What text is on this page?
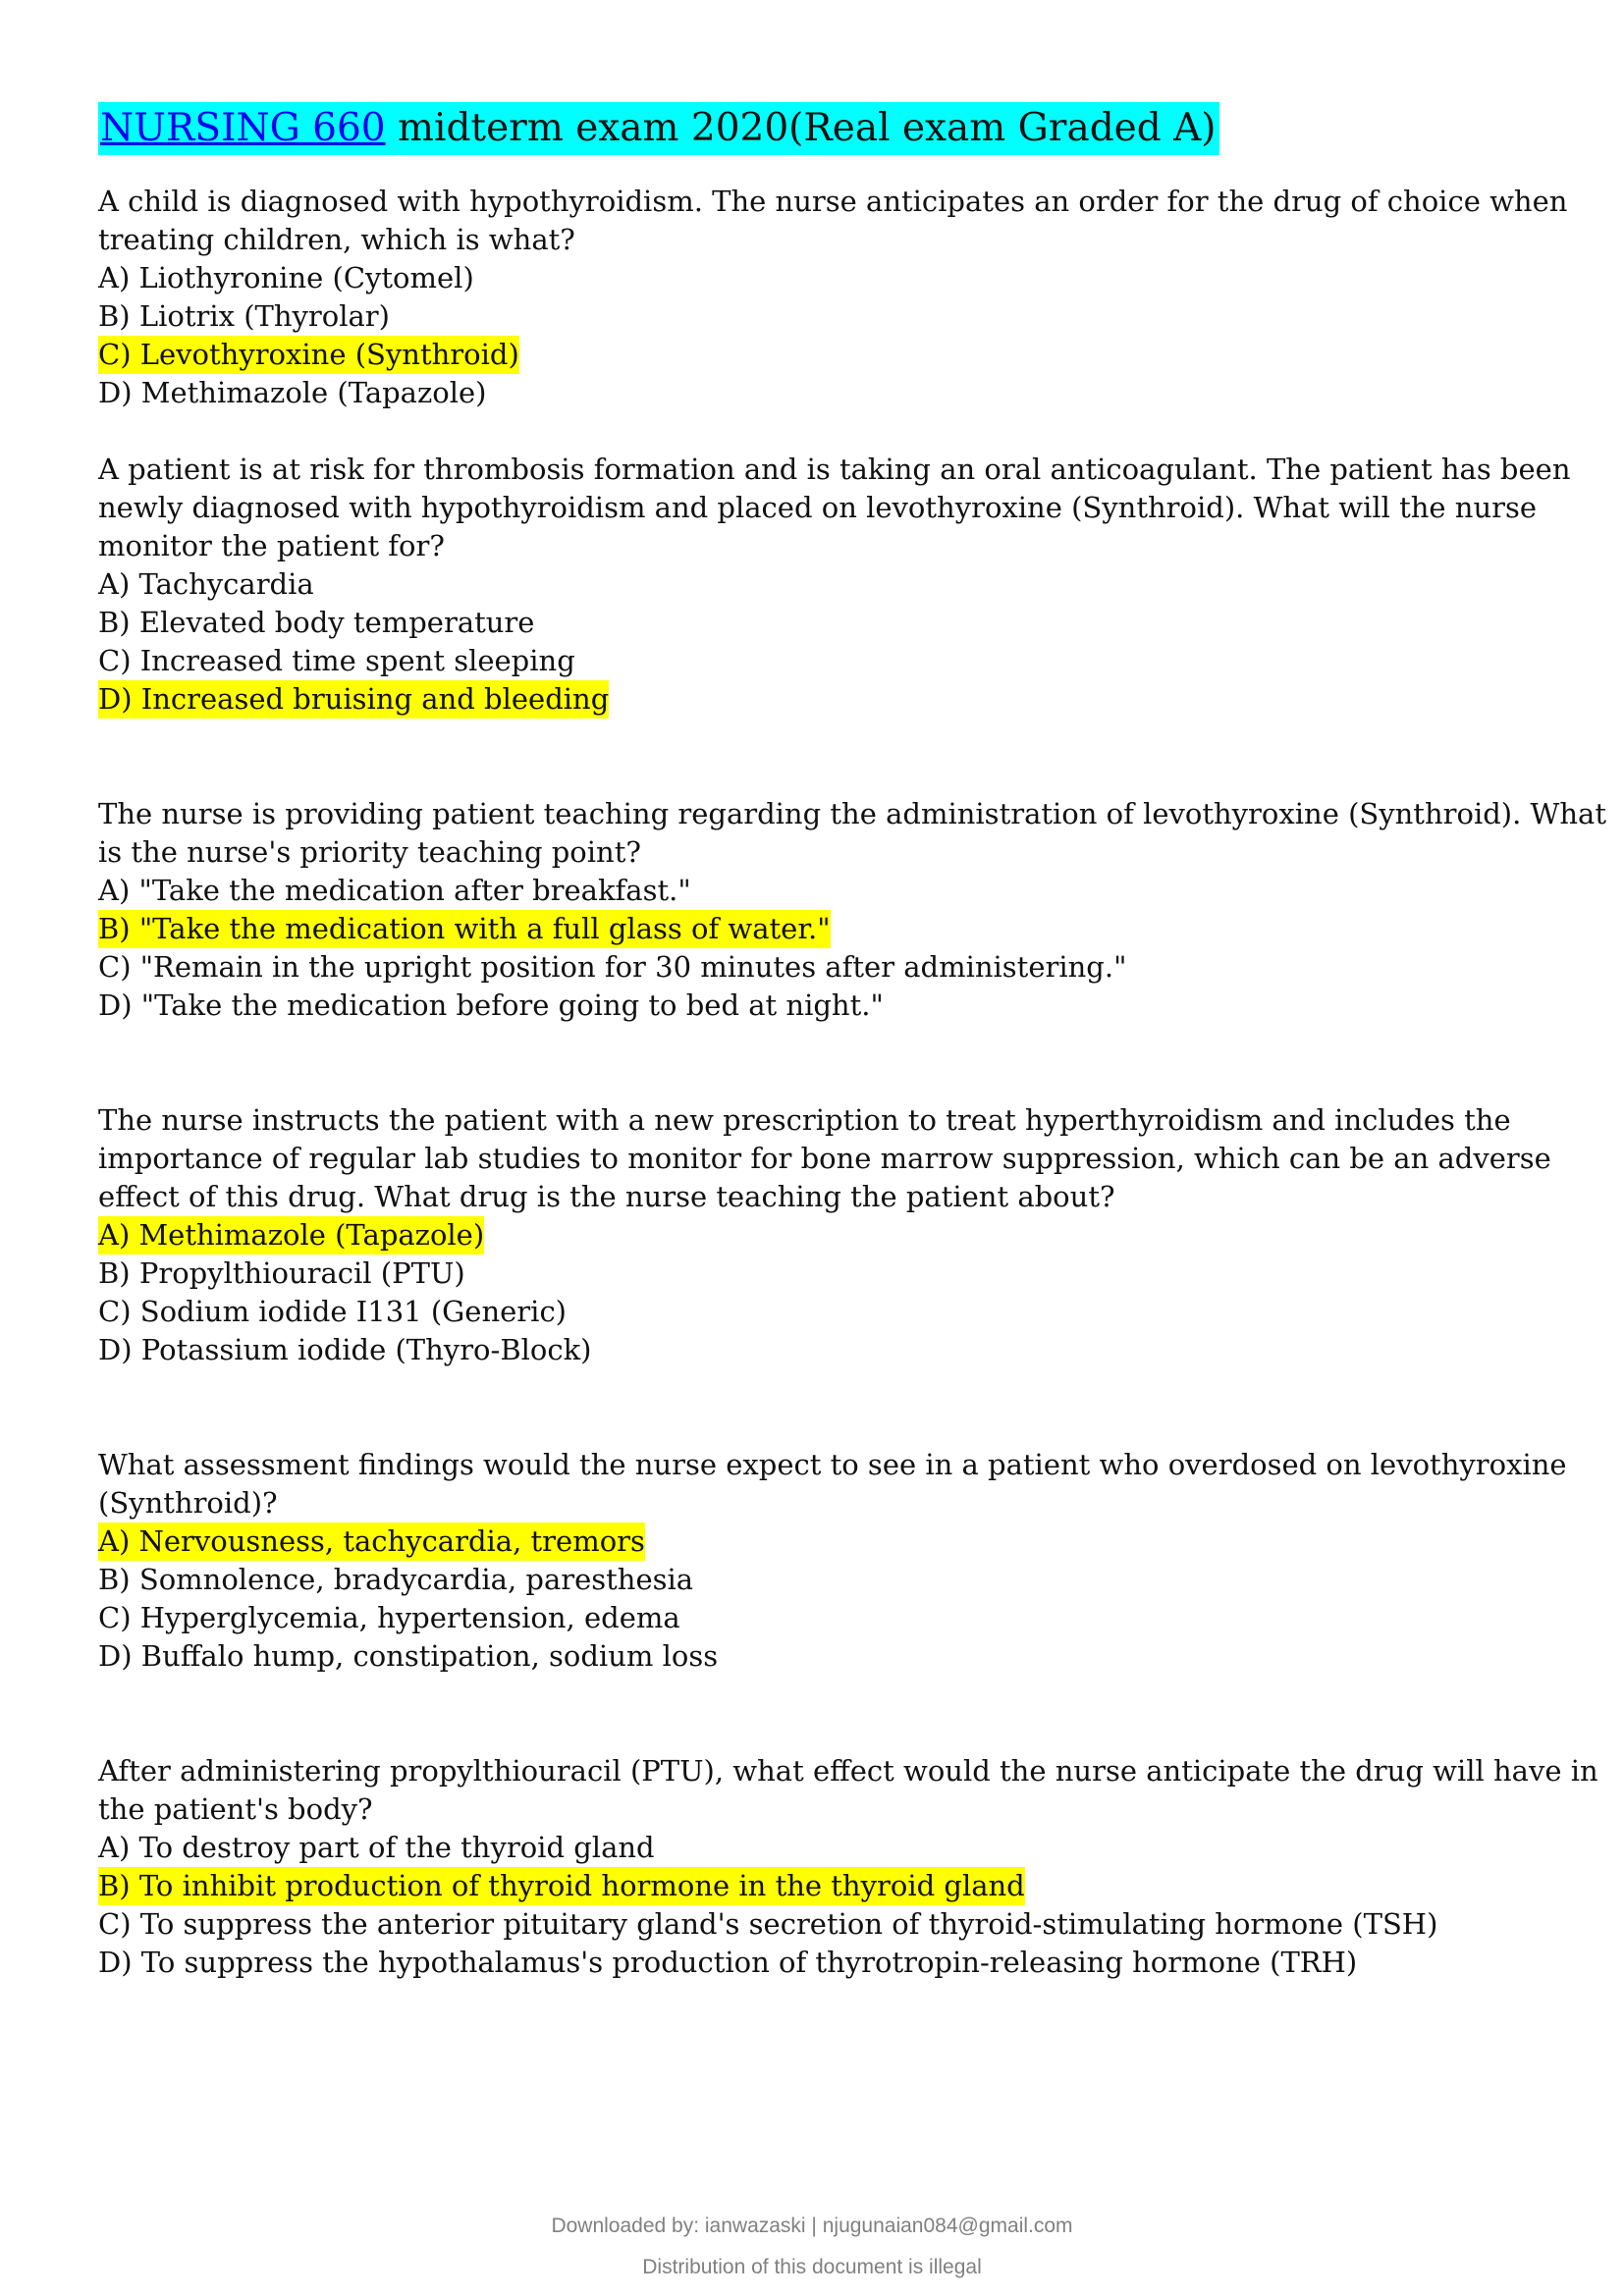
NURSING 660 midterm exam 2020(Real exam Graded A)
A child is diagnosed with hypothyroidism. The nurse anticipates an order for the drug of choice when
treating children, which is what?
A) Liothyronine (Cytomel)
B) Liotrix (Thyrolar)
C) Levothyroxine (Synthroid)
D) Methimazole (Tapazole)
A patient is at risk for thrombosis formation and is taking an oral anticoagulant. The patient has been
newly diagnosed with hypothyroidism and placed on levothyroxine (Synthroid). What will the nurse
monitor the patient for?
A) Tachycardia
B) Elevated body temperature
C) Increased time spent sleeping
D) Increased bruising and bleeding
The nurse is providing patient teaching regarding the administration of levothyroxine (Synthroid). What
is the nurse's priority teaching point?
A) "Take the medication after breakfast."
B) "Take the medication with a full glass of water."
C) "Remain in the upright position for 30 minutes after administering."
D) "Take the medication before going to bed at night."
The nurse instructs the patient with a new prescription to treat hyperthyroidism and includes the
importance of regular lab studies to monitor for bone marrow suppression, which can be an adverse
effect of this drug. What drug is the nurse teaching the patient about?
A) Methimazole (Tapazole)
B) Propylthiouracil (PTU)
C) Sodium iodide I131 (Generic)
D) Potassium iodide (Thyro-Block)
What assessment findings would the nurse expect to see in a patient who overdosed on levothyroxine
(Synthroid)?
A) Nervousness, tachycardia, tremors
B) Somnolence, bradycardia, paresthesia
C) Hyperglycemia, hypertension, edema
D) Buffalo hump, constipation, sodium loss
After administering propylthiouracil (PTU), what effect would the nurse anticipate the drug will have in
the patient's body?
A) To destroy part of the thyroid gland
B) To inhibit production of thyroid hormone in the thyroid gland
C) To suppress the anterior pituitary gland's secretion of thyroid-stimulating hormone (TSH)
D) To suppress the hypothalamus's production of thyrotropin-releasing hormone (TRH)
Downloaded by: ianwazaski | njugunaian084@gmail.com
Distribution of this document is illegal
